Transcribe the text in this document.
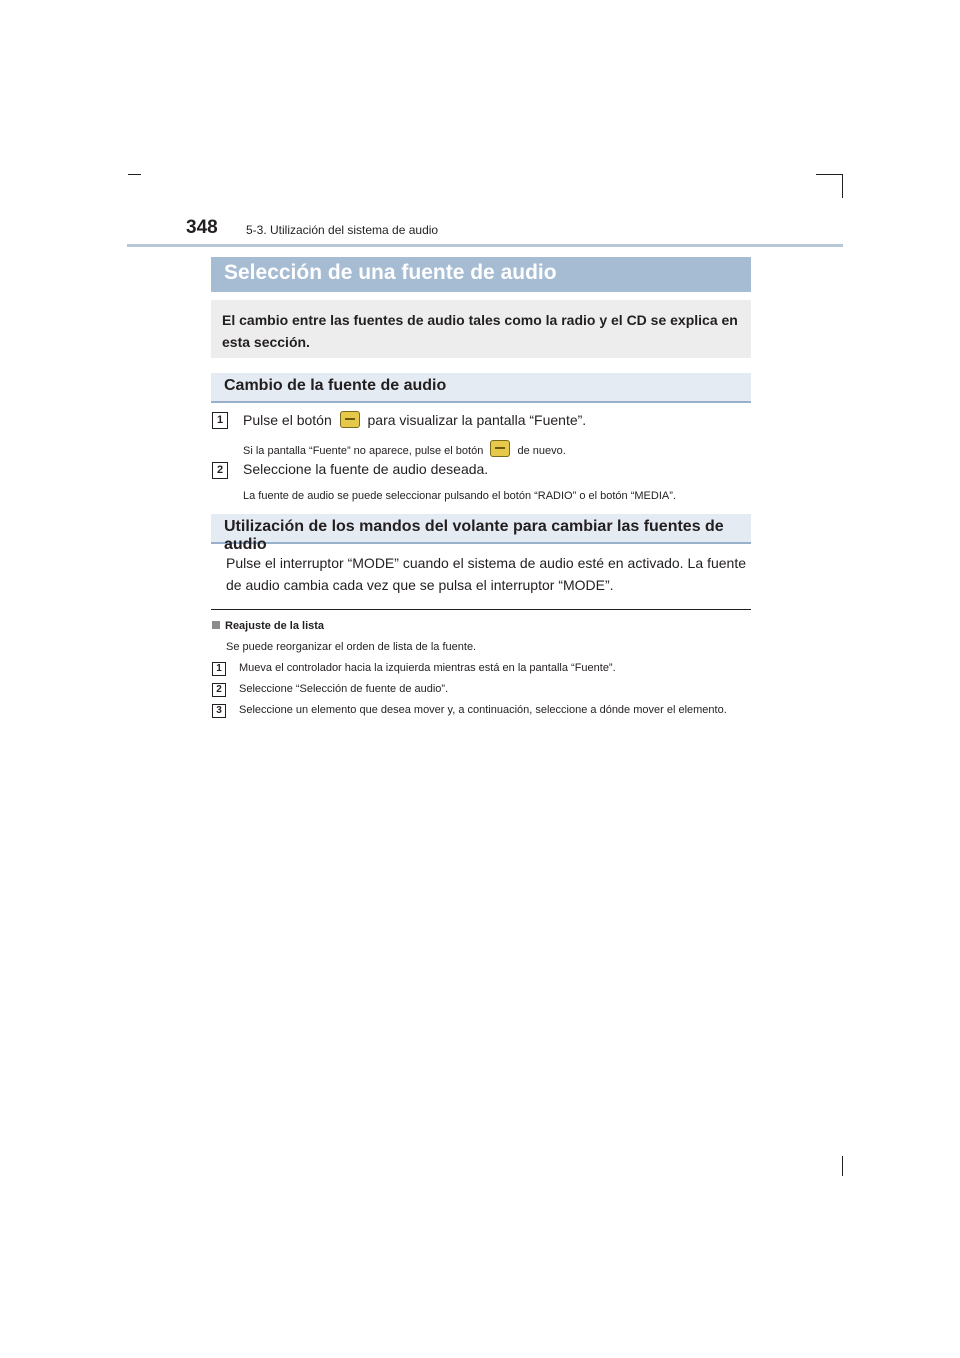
348 5-3. Utilización del sistema de audio
Selección de una fuente de audio
El cambio entre las fuentes de audio tales como la radio y el CD se explica en esta sección.
Cambio de la fuente de audio
1	Pulse el botón	para visualizar la pantalla “Fuente”.
Si la pantalla “Fuente” no aparece, pulse el botón	de nuevo.
2	Seleccione la fuente de audio deseada.
La fuente de audio se puede seleccionar pulsando el botón “RADIO” o el botón “MEDIA”.
Utilización de los mandos del volante para cambiar las fuentes de audio
Pulse el interruptor “MODE” cuando el sistema de audio esté en activado. La fuente de audio cambia cada vez que se pulsa el interruptor “MODE”.
Reajuste de la lista
Se puede reorganizar el orden de lista de la fuente.
1	Mueva el controlador hacia la izquierda mientras está en la pantalla “Fuente”.
2	Seleccione “Selección de fuente de audio”.
3	Seleccione un elemento que desea mover y, a continuación, seleccione a dónde mover el elemento.
